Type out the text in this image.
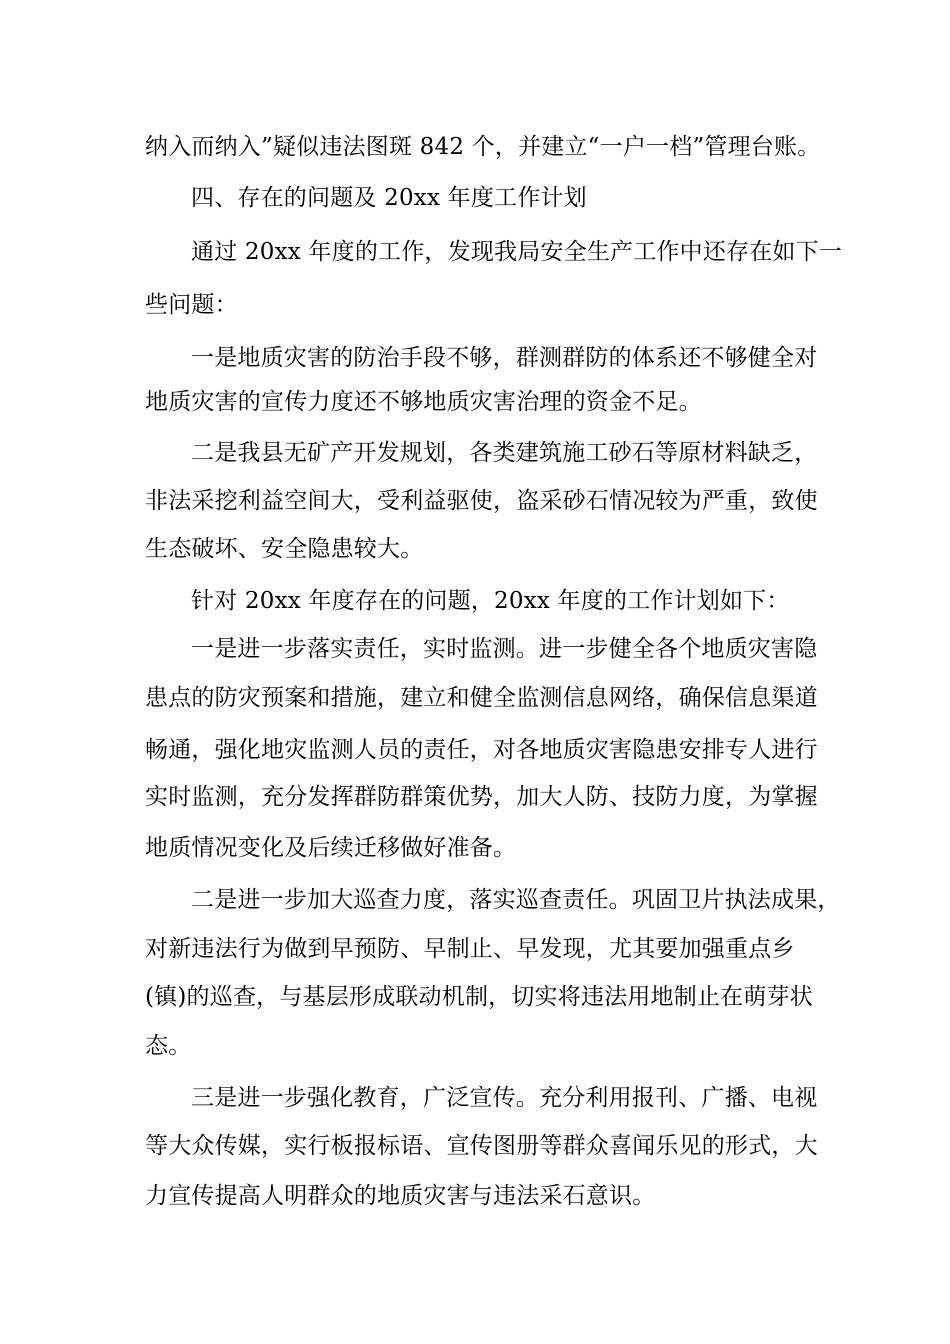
纳入而纳入”疑似违法图斑 842 个，并建立“一户一档”管理台账。
四、存在的问题及 20xx 年度工作计划
通过 20xx 年度的工作，发现我局安全生产工作中还存在如下一
些问题：
一是地质灾害的防治手段不够，群测群防的体系还不够健全对
地质灾害的宣传力度还不够地质灾害治理的资金不足。
二是我县无矿产开发规划，各类建筑施工砂石等原材料缺乏，
非法采挖利益空间大，受利益驱使，盗采砂石情况较为严重，致使
生态破坏、安全隐患较大。
针对 20xx 年度存在的问题，20xx 年度的工作计划如下：
一是进一步落实责任，实时监测。进一步健全各个地质灾害隐
患点的防灾预案和措施，建立和健全监测信息网络，确保信息渠道
畅通，强化地灾监测人员的责任，对各地质灾害隐患安排专人进行
实时监测，充分发挥群防群策优势，加大人防、技防力度，为掌握
地质情况变化及后续迁移做好准备。
二是进一步加大巡查力度，落实巡查责任。巩固卫片执法成果，
对新违法行为做到早预防、早制止、早发现，尤其要加强重点乡
(镇)的巡查，与基层形成联动机制，切实将违法用地制止在萌芽状
态。
三是进一步强化教育，广泛宣传。充分利用报刊、广播、电视
等大众传媒，实行板报标语、宣传图册等群众喜闻乐见的形式，大
力宣传提高人明群众的地质灾害与违法采石意识。
